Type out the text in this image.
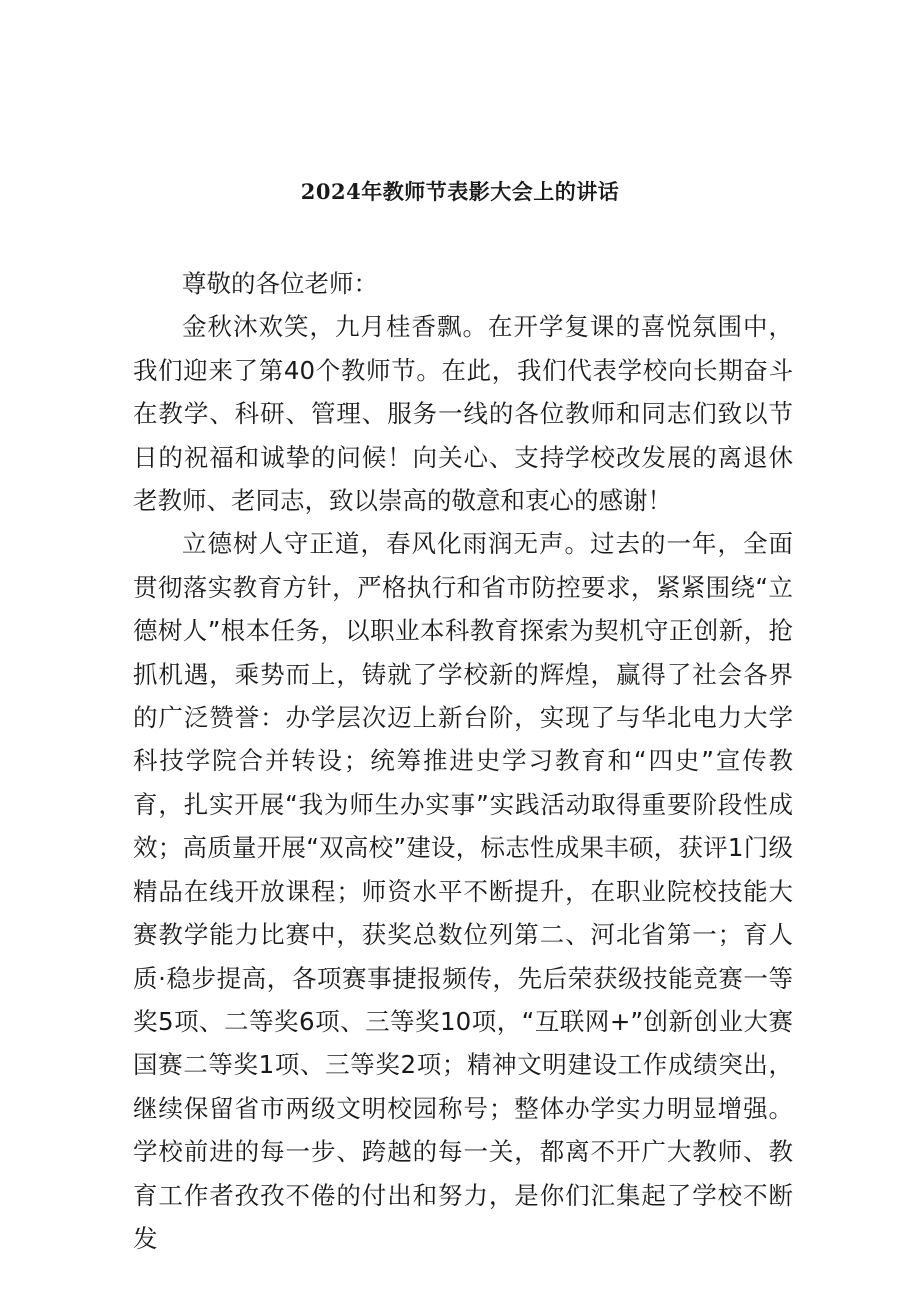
2024年教师节表影大会上的讲话

尊敬的各位老师：

金秋沐欢笑，九月桂香飘。在开学复课的喜悦氛围中，我们迎来了第40个教师节。在此，我们代表学校向长期奋斗在教学、科研、管理、服务一线的各位教师和同志们致以节日的祝福和诚挚的问候！向关心、支持学校改发展的离退休老教师、老同志，致以崇高的敬意和衷心的感谢！

立德树人守正道，春风化雨润无声。过去的一年，全面贯彻落实教育方针，严格执行和省市防控要求，紧紧围绕“立德树人”根本任务，以职业本科教育探索为契机守正创新，抢抓机遇，乘势而上，铸就了学校新的辉煌，赢得了社会各界的广泛赞誉：办学层次迈上新台阶，实现了与华北电力大学科技学院合并转设；统筹推进史学习教育和“四史”宣传教育，扎实开展“我为师生办实事”实践活动取得重要阶段性成效；高质量开展“双高校”建设，标志性成果丰硕，获评1门级精品在线开放课程；师资水平不断提升，在职业院校技能大赛教学能力比赛中，获奖总数位列第二、河北省第一；育人质·稳步提高，各项赛事捷报频传，先后荣获级技能竞赛一等奖5项、二等奖6项、三等奖10项，“互联网+”创新创业大赛国赛二等奖1项、三等奖2项；精神文明建设工作成绩突出，继续保留省市两级文明校园称号；整体办学实力明显增强。学校前进的每一步、跨越的每一关，都离不开广大教师、教育工作者孜孜不倦的付出和努力，是你们汇集起了学校不断发
